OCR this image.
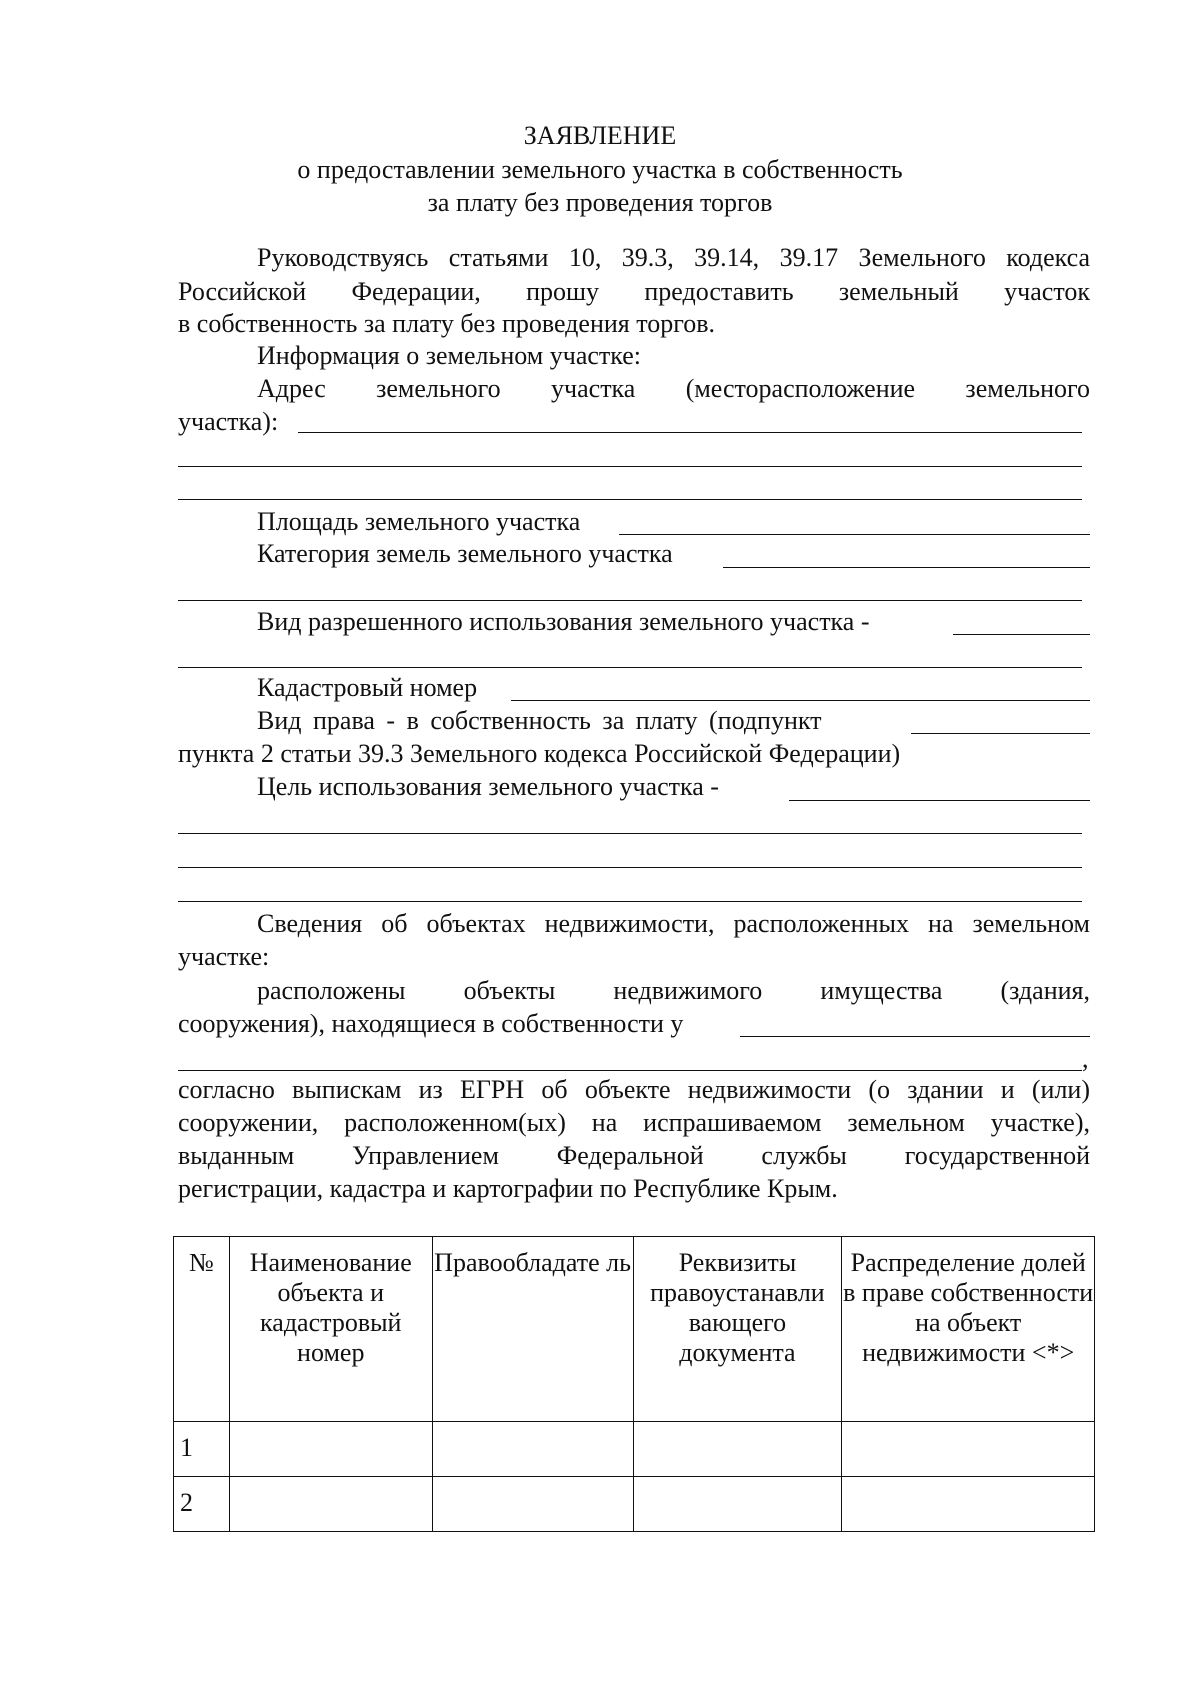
ЗАЯВЛЕНИЕ
о предоставлении земельного участка в собственность
за плату без проведения торгов
Руководствуясь статьями 10, 39.3, 39.14, 39.17 Земельного кодекса
Российской Федерации, прошу предоставить земельный участок
в собственность за плату без проведения торгов.
Информация о земельном участке:
Адрес земельного участка (месторасположение земельного
участка):
Площадь земельного участка
Категория земель земельного участка
Вид разрешенного использования земельного участка -
Кадастровый номер
Вид права - в собственность за плату (подпункт
пункта 2 статьи 39.3 Земельного кодекса Российской Федерации)
Цель использования земельного участка -
Сведения об объектах недвижимости, расположенных на земельном
участке:
расположены объекты недвижимого имущества (здания,
сооружения), находящиеся в собственности у
,
согласно выпискам из ЕГРН об объекте недвижимости (о здании и (или)
сооружении, расположенном(ых) на испрашиваемом земельном участке),
выданным Управлением Федеральной службы государственной
регистрации, кадастра и картографии по Республике Крым.
№	Наименование объекта и кадастровый номер	Правообладате ль	Реквизиты правоустанавли вающего документа	Распределение долей в праве собственности на объект недвижимости <*>
1				
2				
